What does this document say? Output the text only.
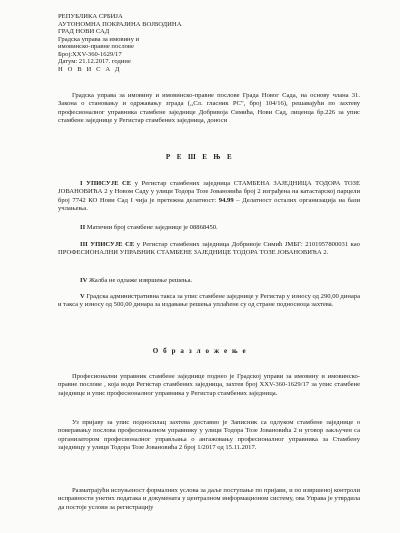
РЕПУБЛИКА СРБИЈА
АУТОНОМНА ПОКРАЈИНА ВОЈВОДИНА
ГРАД НОВИ САД
Градска управа за имовину и
имовинско-правне послове
Број:XXV-360-1629/17
Датум: 21.12.2017. године
Н О В И С А Д
Градска управа за имовину и имовинско-правне послове Града Новог Сада, на основу члана 31. Закона о становању и одржавању зграда (,,Сл. гласник РС", број 104/16), решавајући по захтеву професионалног управника стамбене заједнице Добривоја Симића, Нови Сад, лиценца бр.226 за упис стамбене заједнице у Регистар стамбених заједница, доноси
Р Е Ш Е Њ Е
I УПИСУЈЕ СЕ у Регистар стамбених заједница СТАМБЕНА ЗАЈЕДНИЦА ТОДОРА ТОЗЕ ЈОВАНОВИЋА 2 у Новом Саду у улици Тодора Тозе Јовановића број 2 изграђена на катастарској парцели број 7742 КО Нови Сад I чија је претежна делатност: 94.99 – Делатност осталих организација на бази учлањења.
II Матични број стамбене заједнице је 08868450.
III УПИСУЈЕ СЕ у Регистар стамбених заједница Добривоје Симић ЈМБГ: 2101957800031 као ПРОФЕСИОНАЛНИ УПРАВНИК СТАМБЕНЕ ЗАЈЕДНИЦЕ ТОДОРА ТОЗЕ ЈОВАНОВИЋА 2.
IV Жалба не одлаже извршење решења.
V Градска административна такса за упис стамбене заједнице у Регистар у износу од 290,00 динара и такса у износу од 500,00 динара за издавање решења уплаћене су од стране подносиоца захтева.
О б р а з л о ж е њ е
Професионални управник стамбене заједнице поднео је Градској управи за имовину и имовинско-правне послове , која води Регистар стамбених заједница, захтев број XXV-360-1629/17 за упис стамбене заједнице и упис професионалног управника у Регистар стамбених заједница.
Уз пријаву за упис подносилац захтева доставио је Записник са одлуком стамбене заједнице о поверавању послова професионалном управнику у улици Тодора Тозе Јовановића 2 и уговор закључен са организатором професионалног управљања о ангажовању професионалног управника за Стамбену заједницу у улици Тодора Тозе Јовановића 2 број 1/2017 од 15.11.2017.
Разматрајући испуњеност формалних услова за даље поступање по пријави, и по извршеној контроли исправности унетих података и докумената у централном информационом систему, ова Управа је утврдила да постоје услови за регистрацију
